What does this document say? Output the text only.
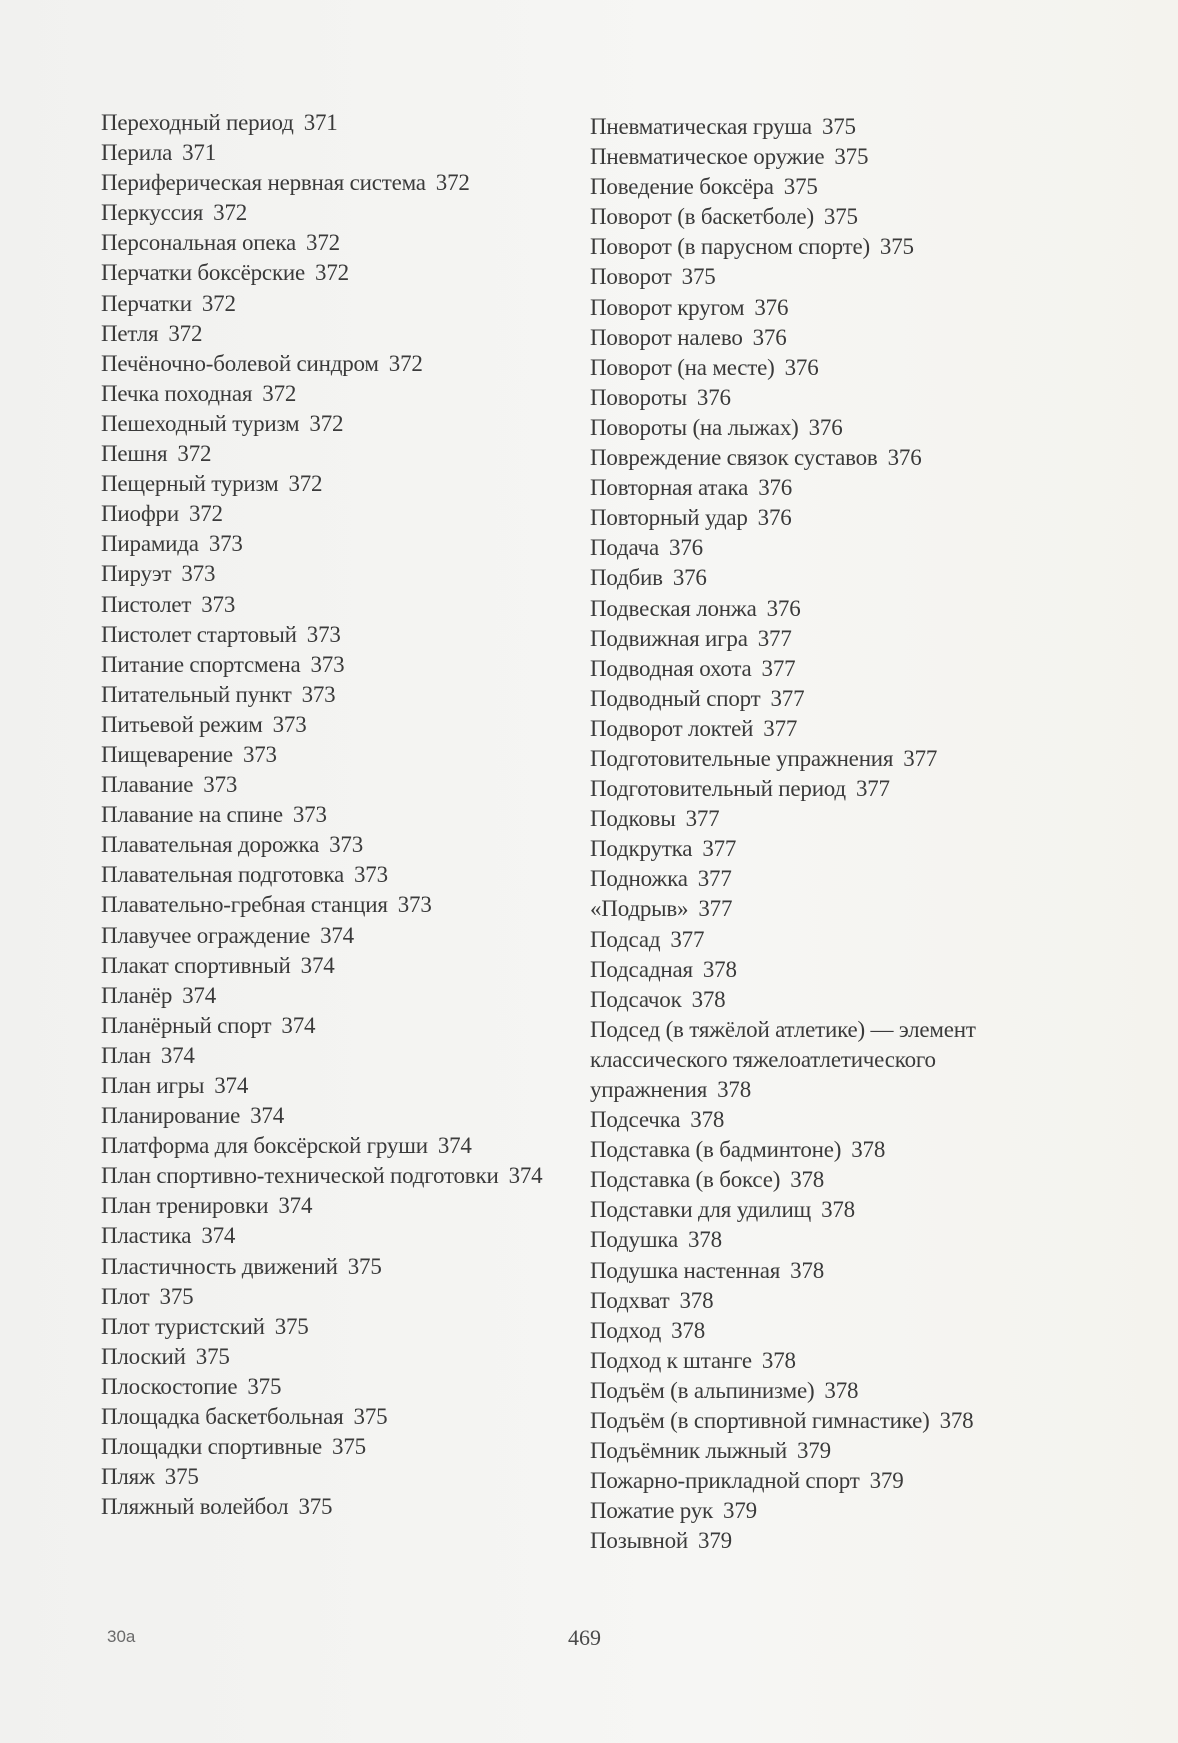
Переходный период 371
Перила 371
Периферическая нервная система 372
Перкуссия 372
Персональная опека 372
Перчатки боксёрские 372
Перчатки 372
Петля 372
Печёночно-болевой синдром 372
Печка походная 372
Пешеходный туризм 372
Пешня 372
Пещерный туризм 372
Пиофри 372
Пирамида 373
Пируэт 373
Пистолет 373
Пистолет стартовый 373
Питание спортсмена 373
Питательный пункт 373
Питьевой режим 373
Пищеварение 373
Плавание 373
Плавание на спине 373
Плавательная дорожка 373
Плавательная подготовка 373
Плавательно-гребная станция 373
Плавучее ограждение 374
Плакат спортивный 374
Планёр 374
Планёрный спорт 374
План 374
План игры 374
Планирование 374
Платформа для боксёрской груши 374
План спортивно-технической подготовки 374
План тренировки 374
Пластика 374
Пластичность движений 375
Плот 375
Плот туристский 375
Плоский 375
Плоскостопие 375
Площадка баскетбольная 375
Площадки спортивные 375
Пляж 375
Пляжный волейбол 375
Пневматическая груша 375
Пневматическое оружие 375
Поведение боксёра 375
Поворот (в баскетболе) 375
Поворот (в парусном спорте) 375
Поворот 375
Поворот кругом 376
Поворот налево 376
Поворот (на месте) 376
Повороты 376
Повороты (на лыжах) 376
Повреждение связок суставов 376
Повторная атака 376
Повторный удар 376
Подача 376
Подбив 376
Подвеская лонжа 376
Подвижная игра 377
Подводная охота 377
Подводный спорт 377
Подворот локтей 377
Подготовительные упражнения 377
Подготовительный период 377
Подковы 377
Подкрутка 377
Подножка 377
«Подрыв» 377
Подсад 377
Подсадная 378
Подсачок 378
Подсед (в тяжёлой атлетике) — элемент классического тяжелоатлетического упражнения 378
Подсечка 378
Подставка (в бадминтоне) 378
Подставка (в боксе) 378
Подставки для удилищ 378
Подушка 378
Подушка настенная 378
Подхват 378
Подход 378
Подход к штанге 378
Подъём (в альпинизме) 378
Подъём (в спортивной гимнастике) 378
Подъёмник лыжный 379
Пожарно-прикладной спорт 379
Пожатие рук 379
Позывной 379
30а	469
